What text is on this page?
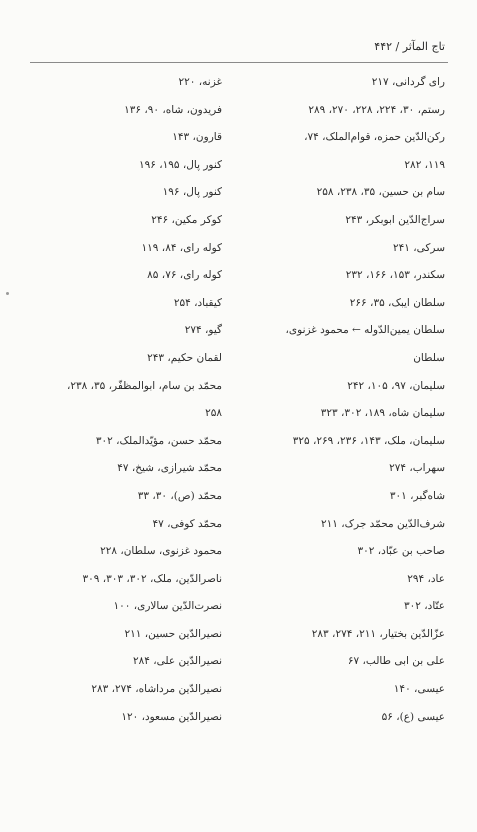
تاج المآثر / ۴۴۲
رای گردانی، ۲۱۷
رستم، ۳۰، ۲۲۴، ۲۲۸، ۲۷۰، ۲۸۹
رکن‌الدّین حمزه، قوام‌الملک، ۷۴،
۱۱۹، ۲۸۲
سام بن حسین، ۳۵، ۲۳۸، ۲۵۸
سراج‌الدّین ابوبکر، ۲۴۳
سرکی، ۲۴۱
سکندر، ۱۵۳، ۱۶۶، ۲۳۲
سلطان ایبک، ۳۵، ۲۶۶
سلطان یمین‌الدّوله ← محمود غزنوی،
سلطان
سلیمان، ۹۷، ۱۰۵، ۲۴۲
سلیمان شاه، ۱۸۹، ۳۰۲، ۳۲۳
سلیمان، ملک، ۱۴۳، ۲۳۶، ۲۶۹، ۳۲۵
سهراب، ۲۷۴
شاه‌گبر، ۳۰۱
شرف‌الدّین محمّد جرک، ۲۱۱
صاحب بن عبّاد، ۳۰۲
عاد، ۲۹۴
عتّاد، ۳۰۲
عزّالدّین بختیار، ۲۱۱، ۲۷۴، ۲۸۳
علی بن ابی طالب، ۶۷
عیسی، ۱۴۰
عیسی (ع)، ۵۶
غزنه، ۲۲۰
فریدون، شاه، ۹۰، ۱۳۶
قارون، ۱۴۳
کنور پال، ۱۹۵، ۱۹۶
کنور پال، ۱۹۶
کوکر مکین، ۲۴۶
کوله رای، ۸۴، ۱۱۹
کوله رای، ۷۶، ۸۵
کیقباد، ۲۵۴
گیو، ۲۷۴
لقمان حکیم، ۲۴۳
محمّد بن سام، ابوالمظفّر، ۳۵، ۲۳۸،
۲۵۸
محمّد حسن، مؤیّدالملک، ۳۰۲
محمّد شیرازی، شیخ، ۴۷
محمّد (ص)، ۳۰، ۳۳
محمّد کوفی، ۴۷
محمود غزنوی، سلطان، ۲۲۸
ناصرالدّین، ملک، ۳۰۲، ۳۰۳، ۳۰۹
نصرت‌الدّین سالاری، ۱۰۰
نصیرالدّین حسین، ۲۱۱
نصیرالدّین علی، ۲۸۴
نصیرالدّین مرداشاه، ۲۷۴، ۲۸۳
نصیرالدّین مسعود، ۱۲۰
